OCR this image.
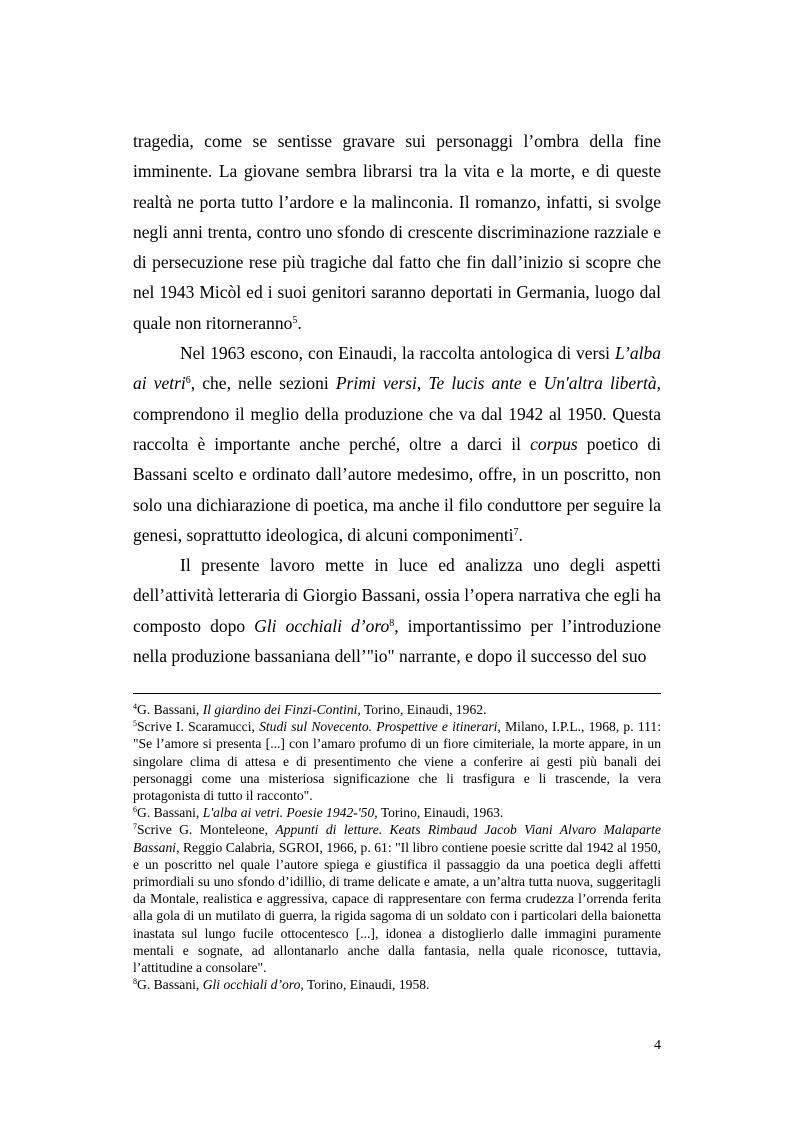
tragedia, come se sentisse gravare sui personaggi l’ombra della fine imminente. La giovane sembra librarsi tra la vita e la morte, e di queste realtà ne porta tutto l’ardore e la malinconia. Il romanzo, infatti, si svolge negli anni trenta, contro uno sfondo di crescente discriminazione razziale e di persecuzione rese più tragiche dal fatto che fin dall’inizio si scopre che nel 1943 Micòl ed i suoi genitori saranno deportati in Germania, luogo dal quale non ritorneranno$^5$.

Nel 1963 escono, con Einaudi, la raccolta antologica di versi L’alba ai vetri$^6$, che, nelle sezioni Primi versi, Te lucis ante e Un'altra libertà, comprendono il meglio della produzione che va dal 1942 al 1950. Questa raccolta è importante anche perché, oltre a darci il corpus poetico di Bassani scelto e ordinato dall’autore medesimo, offre, in un poscritto, non solo una dichiarazione di poetica, ma anche il filo conduttore per seguire la genesi, soprattutto ideologica, di alcuni componimenti$^7$.

Il presente lavoro mette in luce ed analizza uno degli aspetti dell’attività letteraria di Giorgio Bassani, ossia l’opera narrativa che egli ha composto dopo Gli occhiali d’oro$^8$, importantissimo per l’introduzione nella produzione bassaniana dell’"io" narrante, e dopo il successo del suo

$^4$G. Bassani, Il giardino dei Finzi-Contini, Torino, Einaudi, 1962.

$^5$Scrive I. Scaramucci, Studi sul Novecento. Prospettive e itinerari, Milano, I.P.L., 1968, p. 111: "Se l’amore si presenta [...] con l’amaro profumo di un fiore cimiteriale, la morte appare, in un singolare clima di attesa e di presentimento che viene a conferire ai gesti più banali dei personaggi come una misteriosa significazione che li trasfigura e li trascende, la vera protagonista di tutto il racconto".

$^6$G. Bassani, L'alba ai vetri. Poesie 1942-'50, Torino, Einaudi, 1963.

$^7$Scrive G. Monteleone, Appunti di letture. Keats Rimbaud Jacob Viani Alvaro Malaparte Bassani, Reggio Calabria, SGROI, 1966, p. 61: "Il libro contiene poesie scritte dal 1942 al 1950, e un poscritto nel quale l’autore spiega e giustifica il passaggio da una poetica degli affetti primordiali su uno sfondo d’idillio, di trame delicate e amate, a un’altra tutta nuova, suggeritagli da Montale, realistica e aggressiva, capace di rappresentare con ferma crudezza l’orrenda ferita alla gola di un mutilato di guerra, la rigida sagoma di un soldato con i particolari della baionetta inastata sul lungo fucile ottocentesco [...], idonea a distoglierlo dalle immagini puramente mentali e sognate, ad allontanarlo anche dalla fantasia, nella quale riconosce, tuttavia, l’attitudine a consolare".

$^8$G. Bassani, Gli occhiali d’oro, Torino, Einaudi, 1958.

4
